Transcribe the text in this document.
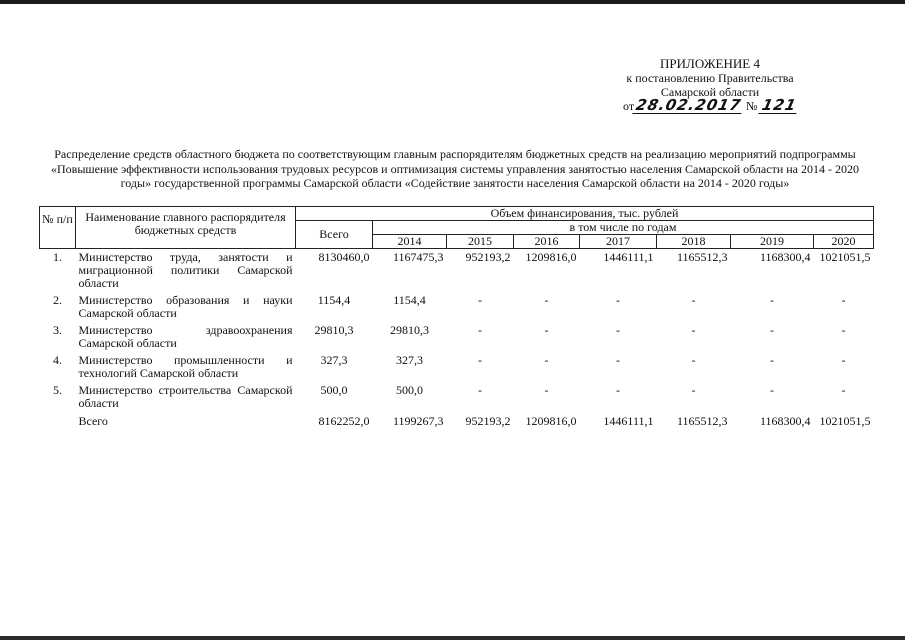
ПРИЛОЖЕНИЕ 4
к постановлению Правительства
Самарской области
от28.02.2017 № 121
Распределение средств областного бюджета по соответствующим главным распорядителям бюджетных средств на реализацию мероприятий подпрограммы «Повышение эффективности использования трудовых ресурсов и оптимизация системы управления занятостью населения Самарской области на 2014 - 2020 годы» государственной программы Самарской области «Содействие занятости населения Самарской области на 2014 - 2020 годы»
№ п/п	Наименование главного распорядителя бюджетных средств	Объем финансирования, тыс. рублей							
		Всего	в том числе по годам						
			2014	2015	2016	2017	2018	2019	2020
1.	Министерство труда, занятости и миграционной политики Самарской области	8130460,0	1167475,3	952193,2	1209816,0	1446111,1	1165512,3	1168300,4	1021051,5
2.	Министерство образования и науки Самарской области	1154,4	1154,4	-	-	-	-	-	-
3.	Министерство здравоохранения Самарской области	29810,3	29810,3	-	-	-	-	-	-
4.	Министерство промышленности и технологий Самарской области	327,3	327,3	-	-	-	-	-	-
5.	Министерство строительства Самарской области	500,0	500,0	-	-	-	-	-	-
	Всего	8162252,0	1199267,3	952193,2	1209816,0	1446111,1	1165512,3	1168300,4	1021051,5
